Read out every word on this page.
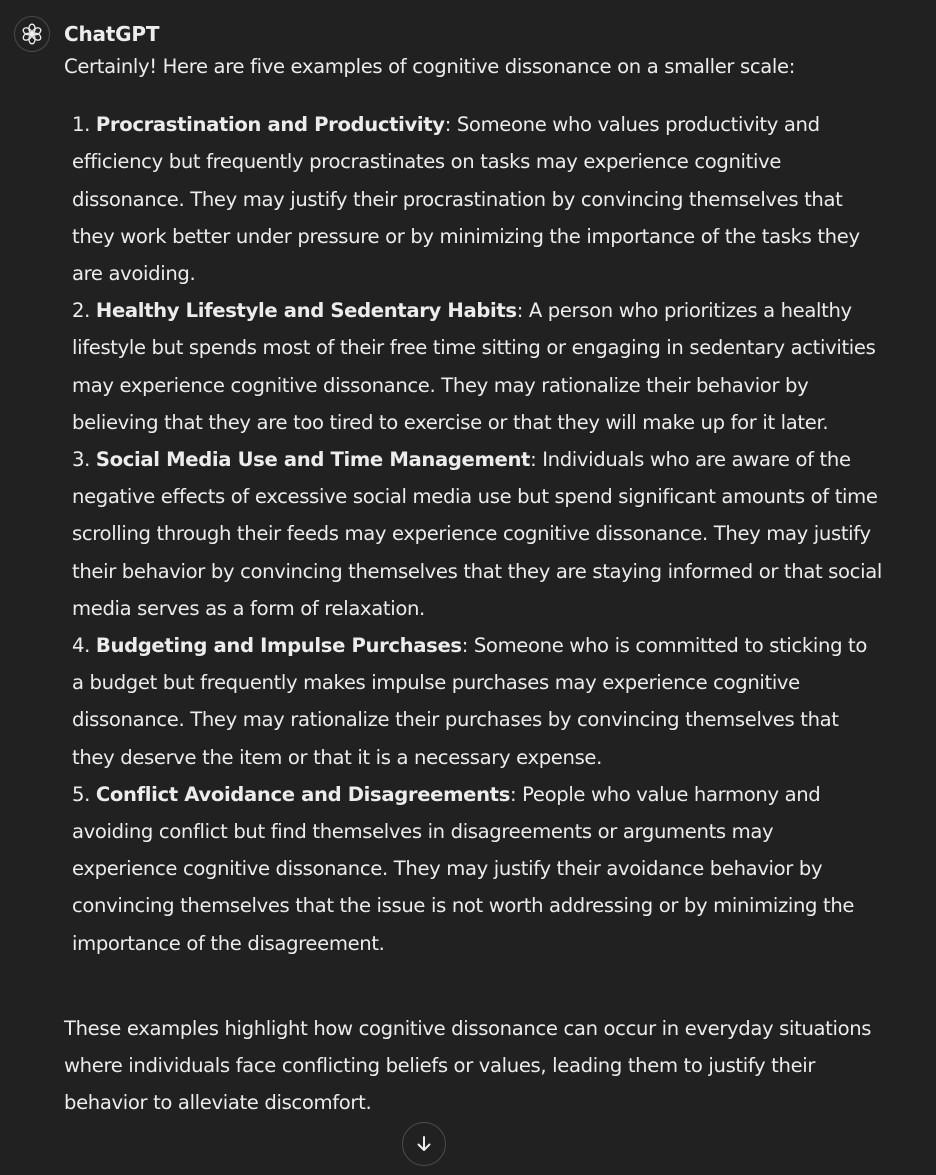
ChatGPT

Certainly! Here are five examples of cognitive dissonance on a smaller scale:

1. Procrastination and Productivity: Someone who values productivity and efficiency but frequently procrastinates on tasks may experience cognitive dissonance. They may justify their procrastination by convincing themselves that they work better under pressure or by minimizing the importance of the tasks they are avoiding.
2. Healthy Lifestyle and Sedentary Habits: A person who prioritizes a healthy lifestyle but spends most of their free time sitting or engaging in sedentary activities may experience cognitive dissonance. They may rationalize their behavior by believing that they are too tired to exercise or that they will make up for it later.
3. Social Media Use and Time Management: Individuals who are aware of the negative effects of excessive social media use but spend significant amounts of time scrolling through their feeds may experience cognitive dissonance. They may justify their behavior by convincing themselves that they are staying informed or that social media serves as a form of relaxation.
4. Budgeting and Impulse Purchases: Someone who is committed to sticking to a budget but frequently makes impulse purchases may experience cognitive dissonance. They may rationalize their purchases by convincing themselves that they deserve the item or that it is a necessary expense.
5. Conflict Avoidance and Disagreements: People who value harmony and avoiding conflict but find themselves in disagreements or arguments may experience cognitive dissonance. They may justify their avoidance behavior by convincing themselves that the issue is not worth addressing or by minimizing the importance of the disagreement.

These examples highlight how cognitive dissonance can occur in everyday situations where individuals face conflicting beliefs or values, leading them to justify their behavior to alleviate discomfort.
